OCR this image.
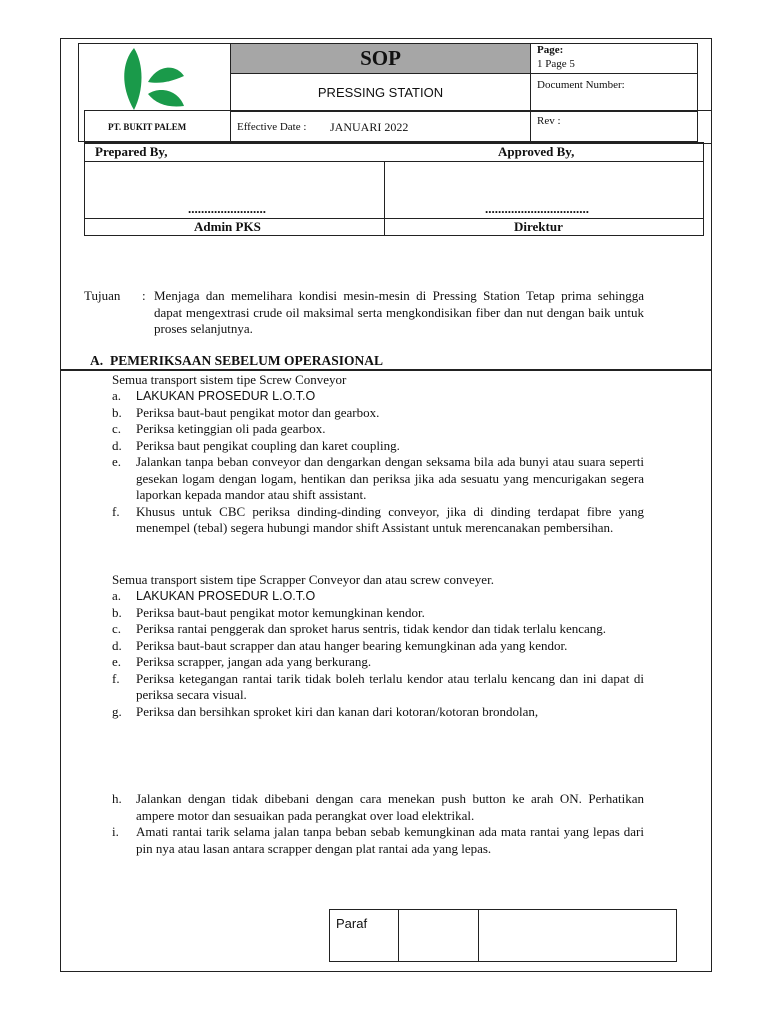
PT. BUKIT PALEM
SOP
PRESSING STATION
Effective Date : JANUARI 2022
Page:
1 Page 5
Document Number:
Rev :
Prepared By,	Approved By,
........................	................................
Admin PKS	Direktur
Tujuan : Menjaga dan memelihara kondisi mesin-mesin di Pressing Station Tetap prima sehingga dapat mengextrasi crude oil maksimal serta mengkondisikan fiber dan nut dengan baik untuk proses selanjutnya.
A. PEMERIKSAAN SEBELUM OPERASIONAL
Semua transport sistem tipe Screw Conveyor
a.	LAKUKAN PROSEDUR L.O.T.O
b.	Periksa baut-baut pengikat motor dan gearbox.
c.	Periksa ketinggian oli pada gearbox.
d.	Periksa baut pengikat coupling dan karet coupling.
e.	Jalankan tanpa beban conveyor dan dengarkan dengan seksama bila ada bunyi atau suara seperti gesekan logam dengan logam, hentikan dan periksa jika ada sesuatu yang mencurigakan segera laporkan kepada mandor atau shift assistant.
f.	Khusus untuk CBC periksa dinding-dinding conveyor, jika di dinding terdapat fibre yang menempel (tebal) segera hubungi mandor shift Assistant untuk merencanakan pembersihan.
Semua transport sistem tipe Scrapper Conveyor dan atau screw conveyer.
a.	LAKUKAN PROSEDUR L.O.T.O
b.	Periksa baut-baut pengikat motor kemungkinan kendor.
c.	Periksa rantai penggerak dan sproket harus sentris, tidak kendor dan tidak terlalu kencang.
d.	Periksa baut-baut scrapper dan atau hanger bearing kemungkinan ada yang kendor.
e.	Periksa scrapper, jangan ada yang berkurang.
f.	Periksa ketegangan rantai tarik tidak boleh terlalu kendor atau terlalu kencang dan ini dapat di periksa secara visual.
g.	Periksa dan bersihkan sproket kiri dan kanan dari kotoran/kotoran brondolan,
h.	Jalankan dengan tidak dibebani dengan cara menekan push button ke arah ON. Perhatikan ampere motor dan sesuaikan pada perangkat over load elektrikal.
i.	Amati rantai tarik selama jalan tanpa beban sebab kemungkinan ada mata rantai yang lepas dari pin nya atau lasan antara scrapper dengan plat rantai ada yang lepas.
Paraf
